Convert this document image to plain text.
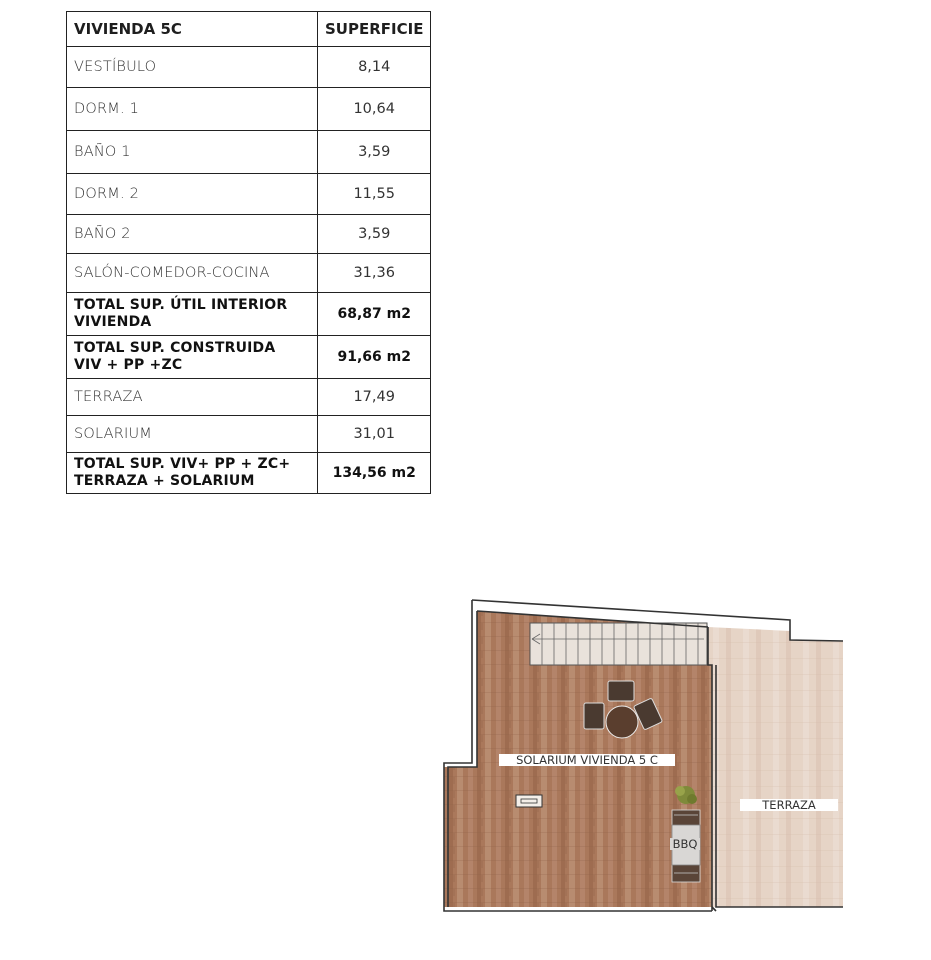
VIVIENDA 5C	SUPERFICIE
VESTÍBULO	8,14
DORM. 1	10,64
BAÑO 1	3,59
DORM. 2	11,55
BAÑO 2	3,59
SALÓN-COMEDOR-COCINA	31,36
TOTAL SUP. ÚTIL INTERIOR
VIVIENDA	68,87 m2
TOTAL SUP. CONSTRUIDA
VIV + PP +ZC	91,66 m2
TERRAZA	17,49
SOLARIUM	31,01
TOTAL SUP. VIV+ PP + ZC+
TERRAZA + SOLARIUM	134,56 m2
SOLARIUM VIVIENDA 5 C
TERRAZA
BBQ
